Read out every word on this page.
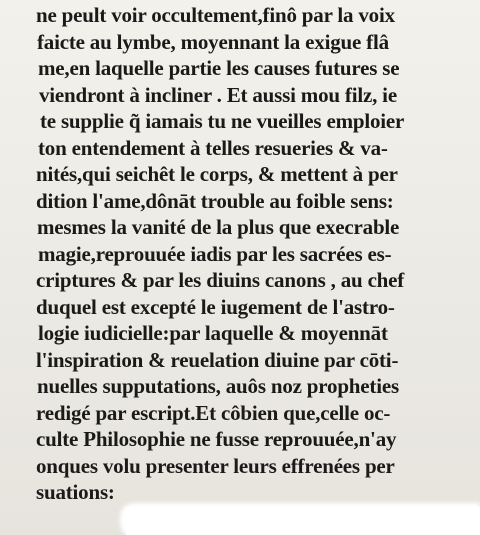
ne peult voir occultement,finô par la voix
faicte au lymbe, moyennant la exigue flâ
me,en laquelle partie les causes futures se
viendront à incliner . Et aussi mou filz, ie
te supplie q̃ iamais tu ne vueilles emploier
ton entendement à telles resueries & va-
nités,qui seichêt le corps, & mettent à per
dition l'ame,dônāt trouble au foible sens:
mesmes la vanité de la plus que execrable
magie,reprouuée iadis par les sacrées es-
criptures & par les diuins canons , au chef
duquel est excepté le iugement de l'astro-
logie iudicielle:par laquelle & moyennāt
l'inspiration & reuelation diuine par cōti-
nuelles supputations, auôs noz propheties
redigé par escript.Et côbien que,celle oc-
culte Philosophie ne fusse reprouuée,n'ay
onques volu presenter leurs effrenées per
suations:
